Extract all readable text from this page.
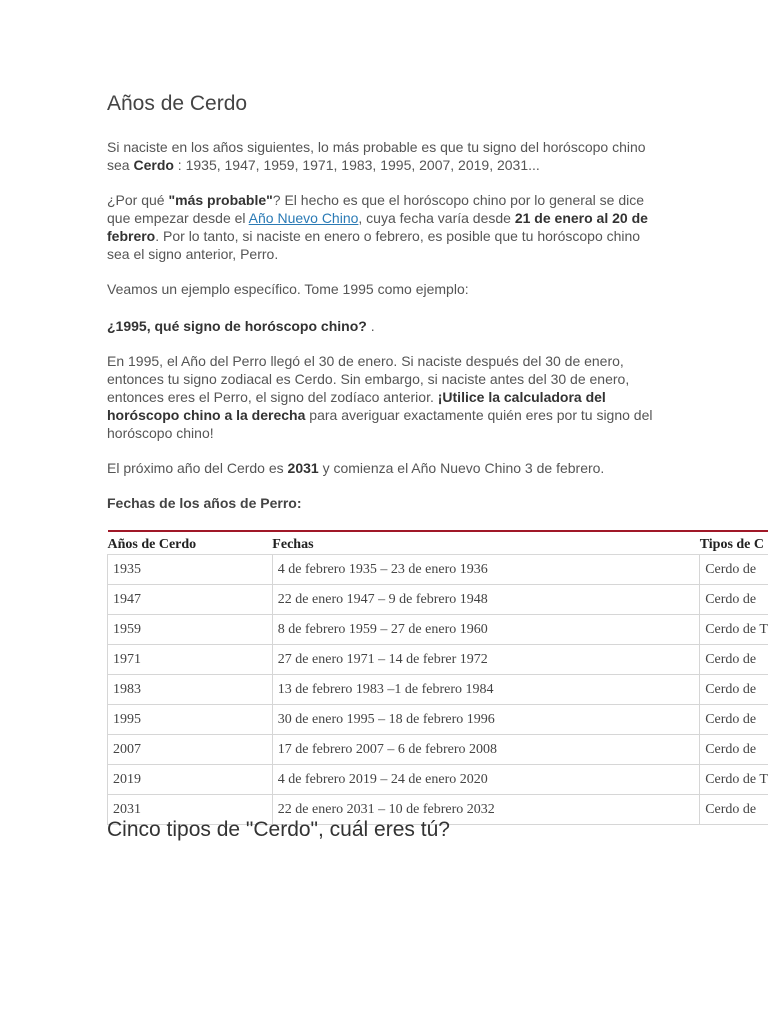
Años de Cerdo

Si naciste en los años siguientes, lo más probable es que tu signo del horóscopo chino sea Cerdo : 1935, 1947, 1959, 1971, 1983, 1995, 2007, 2019, 2031...

¿Por qué "más probable"? El hecho es que el horóscopo chino por lo general se dice que empezar desde el Año Nuevo Chino, cuya fecha varía desde 21 de enero al 20 de febrero. Por lo tanto, si naciste en enero o febrero, es posible que tu horóscopo chino sea el signo anterior, Perro.

Veamos un ejemplo específico. Tome 1995 como ejemplo:

¿1995, qué signo de horóscopo chino? .

En 1995, el Año del Perro llegó el 30 de enero. Si naciste después del 30 de enero, entonces tu signo zodiacal es Cerdo. Sin embargo, si naciste antes del 30 de enero, entonces eres el Perro, el signo del zodíaco anterior. ¡Utilice la calculadora del horóscopo chino a la derecha para averiguar exactamente quién eres por tu signo del horóscopo chino!

El próximo año del Cerdo es 2031 y comienza el Año Nuevo Chino 3 de febrero.

Fechas de los años de Perro:

Años de Cerdo	Fechas	Tipos de C
1935	4 de febrero 1935 – 23 de enero 1936	Cerdo de
1947	22 de enero 1947 – 9 de febrero 1948	Cerdo de
1959	8 de febrero 1959 – 27 de enero 1960	Cerdo de T
1971	27 de enero 1971 – 14 de febrer 1972	Cerdo de
1983	13 de febrero 1983 –1 de febrero 1984	Cerdo de
1995	30 de enero 1995 – 18 de febrero 1996	Cerdo de
2007	17 de febrero 2007 – 6 de febrero 2008	Cerdo de
2019	4 de febrero 2019 – 24 de enero 2020	Cerdo de T
2031	22 de enero 2031 – 10 de febrero 2032	Cerdo de
Cinco tipos de "Cerdo", cuál eres tú?
